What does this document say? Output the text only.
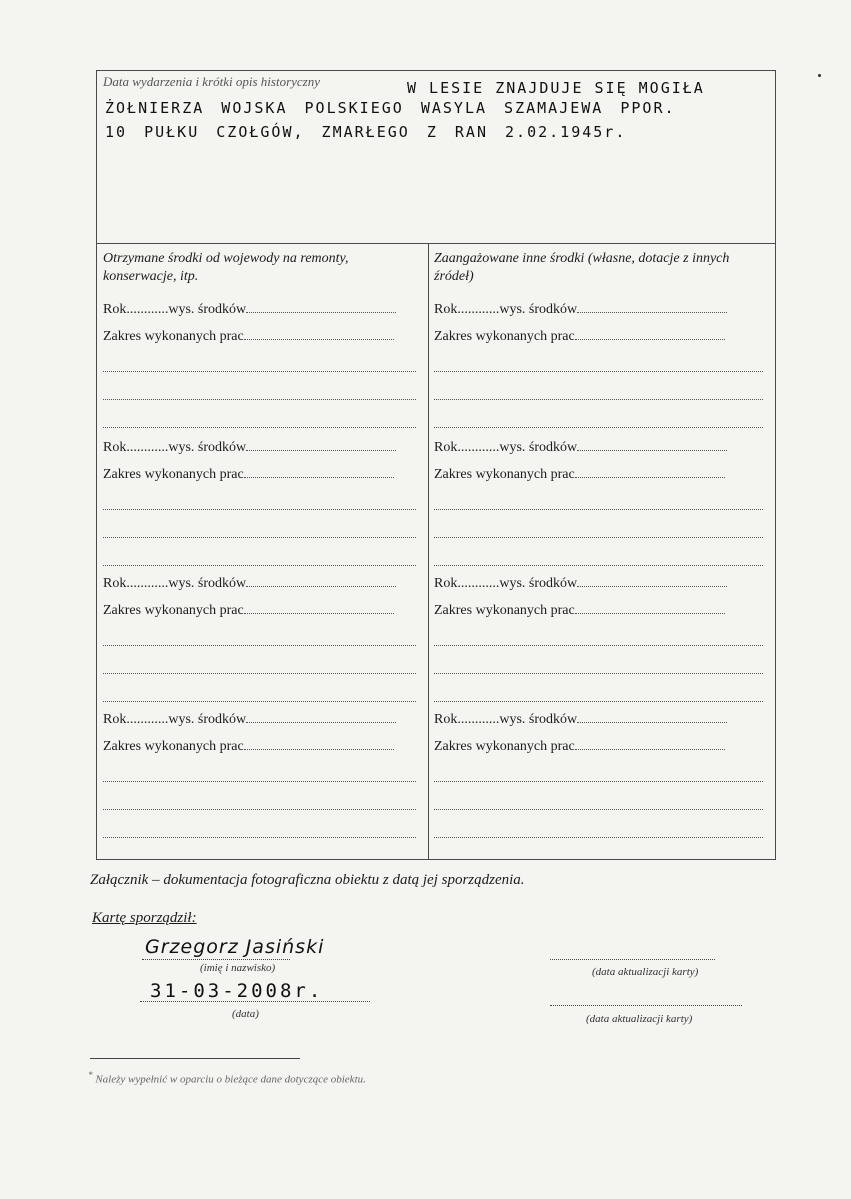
Data wydarzenia i krótki opis historyczny	W LESIE ZNAJDUJE SIĘ MOGIŁA
ŻOŁNIERZA WOJSKA POLSKIEGO WASYLA SZAMAJEWA PPOR.
10 PUŁKU CZOŁGÓW, ZMARŁEGO Z RAN 2.02.1945r.
Otrzymane środki od wojewody na remonty, konserwacje, itp.
Rok............wys. środków
Zakres wykonanych prac
Rok............wys. środków
Zakres wykonanych prac
Rok............wys. środków
Zakres wykonanych prac
Rok............wys. środków
Zakres wykonanych prac
Zaangażowane inne środki (własne, dotacje z innych źródeł)
Rok............wys. środków
Zakres wykonanych prac
Rok............wys. środków
Zakres wykonanych prac
Rok............wys. środków
Zakres wykonanych prac
Rok............wys. środków
Zakres wykonanych prac
Załącznik – dokumentacja fotograficzna obiektu z datą jej sporządzenia.
Kartę sporządził:
Grzegorz Jasiński
(imię i nazwisko)
31-03-2008r.
(data)
(data aktualizacji karty)
(data aktualizacji karty)
* Należy wypełnić w oparciu o bieżące dane dotyczące obiektu.
